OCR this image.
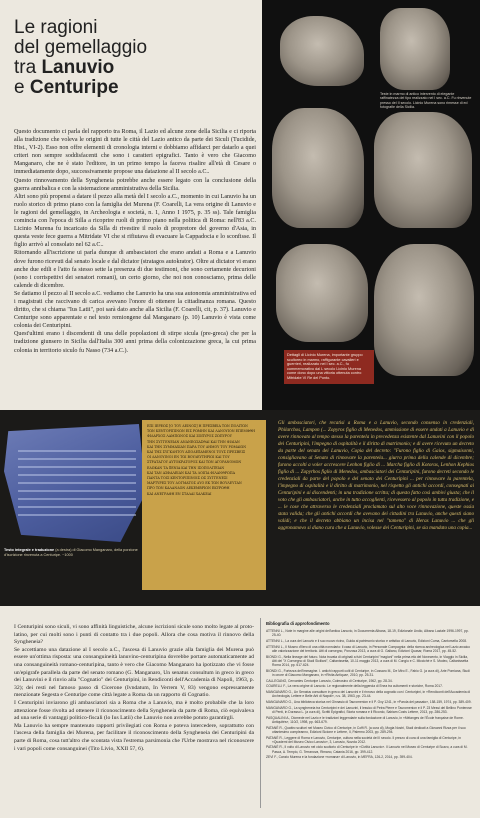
Le ragioni
del gemellaggio
tra Lanuvio
e Centuripe

Questo documento ci parla del rapporto tra Roma, il Lazio ed alcune zone della Sicilia e ci riporta alla tradizione che voleva le origini di tutte le città del Lazio antico da parte dei Siculi (Tucidide, Hist., VI-2). Esso non offre elementi di cronologia interni e dobbiamo affidarci per datarlo a quei criteri non sempre soddisfacenti che sono i caratteri epigrafici. Tanto è vero che Giacomo Manganaro, che ne è stato l'editore, in un primo tempo la faceva risalire all'età di Cesare o immediatamente dopo, successivamente propose una datazione al II secolo a.C..

Questo rinnovamento della Syngheneia potrebbe anche essere legato con la conclusione della guerra annibalica e con la sistemazione amministrativa della Sicilia.

Altri sono più propensi a datare il pezzo alla metà del I secolo a.C., momento in cui Lanuvio ha un ruolo storico di primo piano con la famiglia dei Murena (F. Coarelli, La vera origine di Lanuvio e le ragioni del gemellaggio, in Archeologia e società, n. 1, Anno I 1975, p. 35 ss). Tale famiglia comincia con l'epoca di Silla a ricoprire ruoli di primo piano nella politica di Roma: nell'83 a.C. Licinio Murena fu incaricato da Silla di rivestire il ruolo di propretore del governo d'Asia, in questa veste fece guerra a Mitridate VI che si rifiutava di evacuare la Cappadocia e lo sconfisse. Il figlio arrivò al consolato nel 62 a.C..

Ritornando all'iscrizione ui parla dunque di ambasciatori che erano andati a Roma e a Lanuvio dove furono ricevuti dal senato locale e dal dictator (stratagos autokrator). Oltre ai dictator vi erano anche due edili e l'atto fa stesso sette la presenza di due testimoni, che sono certamente decurioni (sono i corrispettivi dei senatori romani), un certo giorno, che noi non conosciamo, prima delle calende di dicembre.

Se datiamo il pezzo al II secolo a.C. vediamo che Lanuvio ha una sua autonomia amministrativa ed i magistrati che raccivano di carica avevano l'onore di ottenere la cittadinanza romana. Questo diritto, che si chiama "Ius Latii", poi sarà dato anche alla Sicilia (F. Coarelli, cit, p. 37). Lanuvio e Centuripe sono apparentate e nel testo remiongene dal Manganaro (p. 10) Lanuvio è vista come colonia dei Centuripini.

Quest'ultimi erano i discendenti di una delle popolazioni di stirpe sicula (pre-greca) che per la tradizione giunsero in Sicilia dall'Italia 300 anni prima della colonizzazione greca, la cui prima colonia in territorio siculo fu Nasso (734 a.C.).

Teste in marmo di antico intervento di elegante raffinatezza del tipo realizzato nel I sec. a.C. Fu rinvenute presso del II secolo. Licinio Murena sono rimesse di ed fotografie della Sicilia.
Dettagli di Licinio Murena, importante gruppo scultoreo in marmo, raffigurante cavalieri e guerrieri, realizzato nel I sec. a.C., fu commemorativo dal L secolo Licinio Murena come dono dopo una vittoria ottenuta contro Mitridate VI Re del Ponto.
Testo integrale e traduzione (a destra) di Giacomo Manganaro, della porzione d'iscrizione rinvenuta a Centuripe. ~1000
ΕΠΙ ΙΕΡΕΩΣ [Ο ΤΟΥ ΔΕΙΝΟΣ] Η ΠΡΕΣΒΕΙΑ ΤΩΝ ΠΟΛΙΤΩΝ
ΤΩΝ ΚΕΝΤΟΡΙΠΙΝΩΝ ΕΙΣ ΡΩΜΗΝ ΚΑΙ ΛΑΝΟΥΙΟΝ ΕΠΕΜΦΘΗ
ΦΙΛΑΡΧΟΣ ΛΑΜΠΩΝΟΣ ΚΑΙ ΖΩΠΥΡΟΣ ΖΩΠΥΡΟΥ
ΤΗΝ ΣΥΓΓΕΝΕΙΑΝ ΑΝΑΝΕΩΣΑΣΘΑΙ ΚΑΙ ΤΗΝ ΦΙΛΙΑΝ
ΚΑΙ ΤΗΝ ΣΥΜΜΑΧΙΑΝ ΠΑΡΑ ΤΟΥ ΔΗΜΟΥ ΤΟΥ ΡΩΜΑΙΩΝ
ΚΑΙ ΤΗΣ ΣΥΓΚΛΗΤΟΥ ΑΠΟΔΕΞΑΜΕΝΟΙ ΤΟΥΣ ΠΡΕΣΒΕΙΣ
ΟΙ ΛΑΝΟΥΙΝΟΙ ΕΝ ΤΩΙ ΒΟΥΛΕΥΤΗΡΙΩΙ ΚΑΙ ΤΟΥ
ΣΤΡΑΤΑΓΟΥ ΑΥΤΟΚΡΑΤΟΡΟΣ ΚΑΙ ΤΩΝ ΑΓΟΡΑΝΟΜΩΝ
ΕΔΩΚΑΝ ΤΑ ΞΕΝΙΑ ΚΑΙ ΤΗΝ ΙΣΟΠΟΛΙΤΕΙΑΝ
ΚΑΙ ΤΑΝ ΑΣΦΑΛΕΙΑΝ ΚΑΙ ΤΑ ΛΟΙΠΑ ΦΙΛΑΝΘΡΩΠΑ
ΠΑΝΤΑ ΤΟΙΣ ΚΕΝΤΟΡΙΠΙΝΟΙΣ ΩΣ ΣΥΓΓΕΝΕΣΙ
ΜΑΡΤΥΡΕΣ ΤΟΥ ΔΟΓΜΑΤΟΣ ΔΥΟ ΕΚ ΤΩΝ ΒΟΥΛΕΥΤΑΝ
ΠΡΟ ΤΩΝ ΚΑΛΑΝΔΩΝ ΔΕΚΕΜΒΡΙΩΝ ΕΚΥΡΩΘΗ
ΚΑΙ ΑΝΕΓΡΑΦΗ ΕΝ ΣΤΑΛΑΙ ΧΑΛΚΕΑΙ
Gli ambasciatori, che recatisi a Roma e a Lanuvio, secondo consenso in credenziali, Philarchos, Lampon (... Zopyros figlio di Menedos, ammissione di essere andati a Lanuvio e di avere rinnovato al tempo stesso la parentela in precedenza esistente dal Lanuvini con il popolo dei Centuripini, l'impegno di ospitalità e il diritto di matrimonio; e di avere ricevuto un decreto da parte del senato dei Lanuvio, Copia del decreto: "Furono figlio di Gaios, sigmaisonni, consigliavano al Senato di rinnovare la parentela... giurra prima della calende di dicembre; furono accolti a voler accrescere Lenhon figlio di ... Marcha figlio di Kotoras, Lenhon Kephios figlio di ... Zopyrhos figlio di Menedos, ambasciatori dei Centuripini, furono decreti secondo le credenziali da parte del popolo e del senato dei Centuripini ... per rinnovare la parentela, l'impegno di ospitalità e il diritto di matrimonio, nel rispetto gli antichi accordi, consegnati ai Centuripini e ai discendenti; in una tradizione scritta; di questo fatto così ambivi giusta; che il voto che gli ambasciatori, anche in tutto accoglienti, ricevessero al popolo in tutta tradizione, e ... le cose che attraverso le credenziali proclamato sul alto voce rinnovazione, queste ossia stata valida; che gli antichi accordi che avevano dei cittadini tra Lanuvio, anche questi siano validi; e che il decreto abbiano un incisa nel "tamena" di Heras Lanuvio ... che gli aggronamovo si diano cura che a Lanuvio, volesse dei Centuripini, se sia mandato una copia...

I Centuripini sono siculi, vi sono affinità linguistiche, alcune iscrizioni sicule sono molto legate al proto-latino, per cui molti sono i punti di contatto tra i due popoli. Allora che cosa motiva il rinnovo della Syngheneia?

Se accettiamo una datazione al I secolo a.C., l'ascesa di Lanuvio grazie alla famiglia dei Murena può essere un'ottima risposta: una consanguineità lanuvino-centuripina dovrebbe portare automaticamente ad una consanguineità romano-centuripina, tanto è vero che Giacomo Manganaro ha ipotizzato che vi fosse un'epigrafe parallela da parte del senato romano (G. Manganaro, Un senatus consultum in greco in greco dei Lanuvini e il rinvio alla "Cognatio" dei Centuripini, in Rendiconti dell'Accademia di Napoli, 1963, p. 32); dei resti nel famoso passo di Cicerone (Ivndatum, In Verrem V, 83) vengono espressamente menzionate Segesta e Centuripe come città legate a Roma da un rapporto di Cognatio.

I Centuripini inviarono gli ambasciatori sia a Roma che a Lanuvio, ma è molto probabile che la loro attenzione fosse rivolta ad ottenere il riconoscimento della Syngheneia da parte di Roma, ciò equivaleva ad una serie di vantaggi politico-fiscali (lo Ius Latii) che Lanuvio non avrebbe potuto garantirgli.

Ma Lanuvio ha sempre mantenuto rapporti privilegiati con Roma e poteva intercedere, soprattutto con l'ascesa della famiglia dei Murena, per facilitare il riconoscimento della Syngheneia dei Centuripini da parte di Roma, cosa tutt'altro che scontata vista l'estrema parsimonia che l'Urbe mostrava nel riconoscere i vari popoli come consanguinei (Tito Livio, XXII 57, 6).

Bibliografia di approfondimento
ATTENNI L., Note in margine alle origini dell'antica Lanuvio, in Documenta Albana, 18-19, Edizionale Undio, Albano Laziale 1996-1997, pp. 25-40.
ATTENNI L., La cura dei Lanuvio e il suo nuovo ricino, Guida al patrimonio storico e artistico di Lanuvio, Edizioni Cuma, Cantorsella 2008.
ATTENNI L., Il Museo d'Ilero di una città nonrolario: il caso di Lanuvio, in Personale Compagnia: della ricerca archeologica nel Lazio arcaico alle valorizzazione del territorio. Atti di convegno, Ponzosa 2013, a cura di G. Galiano, Edizioni Quasar, Roma 2017, pp. 45-52.
BIONDI G., Nella lineage del futuro. Nota trovata di originali a fuiri Centuripini "magioni" nella prima età del Novecento, in Viaggio in Sicilia, Atti del "X Convegno di Studi Siciliani", Caltanissetta, 10-11 maggio 2013, a cura di M. Congiu e C. Miccichè e S. Modeo, Caltanissetta Roma 2014, pp. 617-624.
BIONDI G., Fortezza dell'immagine. I. antichi rapporti colti di Centuripe, in Cossaro M., De Miro E., Fabio G. (a cura di), Arte Pomiana, Studi in onore di Giacomo Manganaro, in «Rivita Antiqua», 2010, pp. 25-31.
CALLEGANO, Cervantes Centuripe Lanuvio, Colmosino di Centuripe, 1962, pp. 28-34.
COARELLI F., La vera origine di Lanuvio. Le regionalmente della leggenda di Enea tra cultomenti e storiche, Roma 2017.
MANGANARO G., Un Senatus consultum in greco dei Lanuvini e il rinnovo della cognatio con i Centuripini, in «Rendiconti dell'Accademia di Archeologia, Lettere e Belle Arti di Napoli», n.s. 38, 1963, pp. 23-44.
MANGANARO G., Una biblioteca storica nel Ginnasio di Tauromenion e il P. Oxy 1241, in «Parola del passato», 158-159, 1974, pp. 389-409.
MANGANARO G., La syngheneia tra Centuripini e dei Lanuvini, il lessico di Petra Pierre e Tauromenion e il P. 23 Messi del Bellino Ponterose di Penti, in Dorasso L. (a cura di), Scritti Epigrafici, Storia romana e il Ricordo, Sabiam Costs Lettere, 2013, pp. 286-253.
PASQUALINI A., Diomede nel Lazio e le tradizioni leggendarie sulla fondazione di Lanuvio, in «Mélanges de l'École française de Rome. Antiquités», 110/2, 1998, pp. 663-679.
PATANÈ R., Quattro scultori nel Museo Civico di Centuripe, in Coffi R. (a cura di), Mogia Nostri, Studi dedicati a Giovanni Rizza per il suo ottantesimo compleanno, Edizioni Sicione e Lettere, II, Palermo 2003, pp. 289-294.
PATANÈ R., Leggere di Roma e Lanuvio, Centuripe, cultura nella società del II secolo. Il prezzo di cura di una famiglia di Centuripe, in «Quaderni del Museo Civico Lanuvio», 3, Lanuvio, Nuvola 2012.
PATANÈ R., Il volto di Lanuvio nel ciclo scultorio di Centuripe in «Civiltà Lanuvio». Il Lanuvio nel Museo di Centuripe di Scavo, a cura di M. Pasca, A. Tempio, G. Terranova, Rimano, Catania 2016, pp. 399-412.
ZEVI F., Canzio Murena e la fondazione «romana» di Lanuvio, in MEFRA, 126-2, 2014, pp. 399-404.
